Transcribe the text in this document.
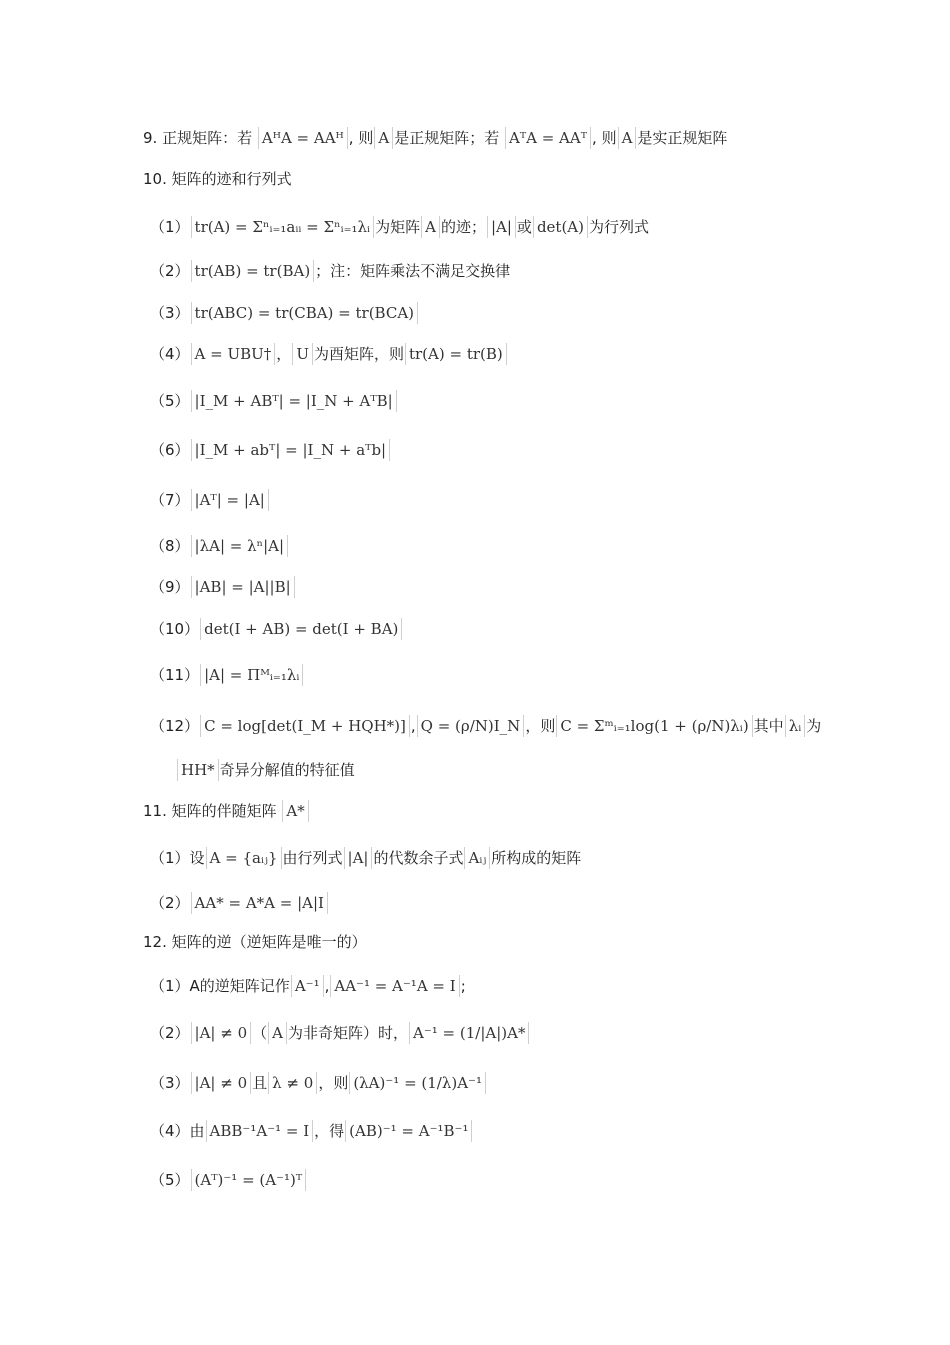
9. 正规矩阵：若 AᴴA = AAᴴ , 则 A 是正规矩阵；若 AᵀA = AAᵀ , 则 A 是实正规矩阵
10. 矩阵的迹和行列式
（1） tr(A) = Σⁿᵢ₌₁aᵢᵢ = Σⁿᵢ₌₁λᵢ 为矩阵 A 的迹； |A| 或 det(A) 为行列式
（2） tr(AB) = tr(BA) ；注：矩阵乘法不满足交换律
（3） tr(ABC) = tr(CBA) = tr(BCA)
（4） A = UBU† ， U 为酉矩阵，则 tr(A) = tr(B)
（5） |I_M + ABᵀ| = |I_N + AᵀB|
（6） |I_M + abᵀ| = |I_N + aᵀb|
（7） |Aᵀ| = |A|
（8） |λA| = λⁿ|A|
（9） |AB| = |A||B|
（10） det(I + AB) = det(I + BA)
（11） |A| = Πᴹᵢ₌₁λᵢ
（12） C = log[det(I_M + HQH*)] , Q = (ρ/N)I_N ，则 C = Σᵐᵢ₌₁log(1 + (ρ/N)λᵢ) 其中 λᵢ 为
HH* 奇异分解值的特征值
11. 矩阵的伴随矩阵 A*
（1）设 A = {aᵢⱼ} 由行列式 |A| 的代数余子式 Aᵢⱼ 所构成的矩阵
（2） AA* = A*A = |A|I
12. 矩阵的逆（逆矩阵是唯一的）
（1）A的逆矩阵记作 A⁻¹ , AA⁻¹ = A⁻¹A = I ;
（2） |A| ≠ 0 （ A 为非奇矩阵）时， A⁻¹ = (1/|A|)A*
（3） |A| ≠ 0 且 λ ≠ 0 ，则 (λA)⁻¹ = (1/λ)A⁻¹
（4）由 ABB⁻¹A⁻¹ = I ，得 (AB)⁻¹ = A⁻¹B⁻¹
（5） (Aᵀ)⁻¹ = (A⁻¹)ᵀ
